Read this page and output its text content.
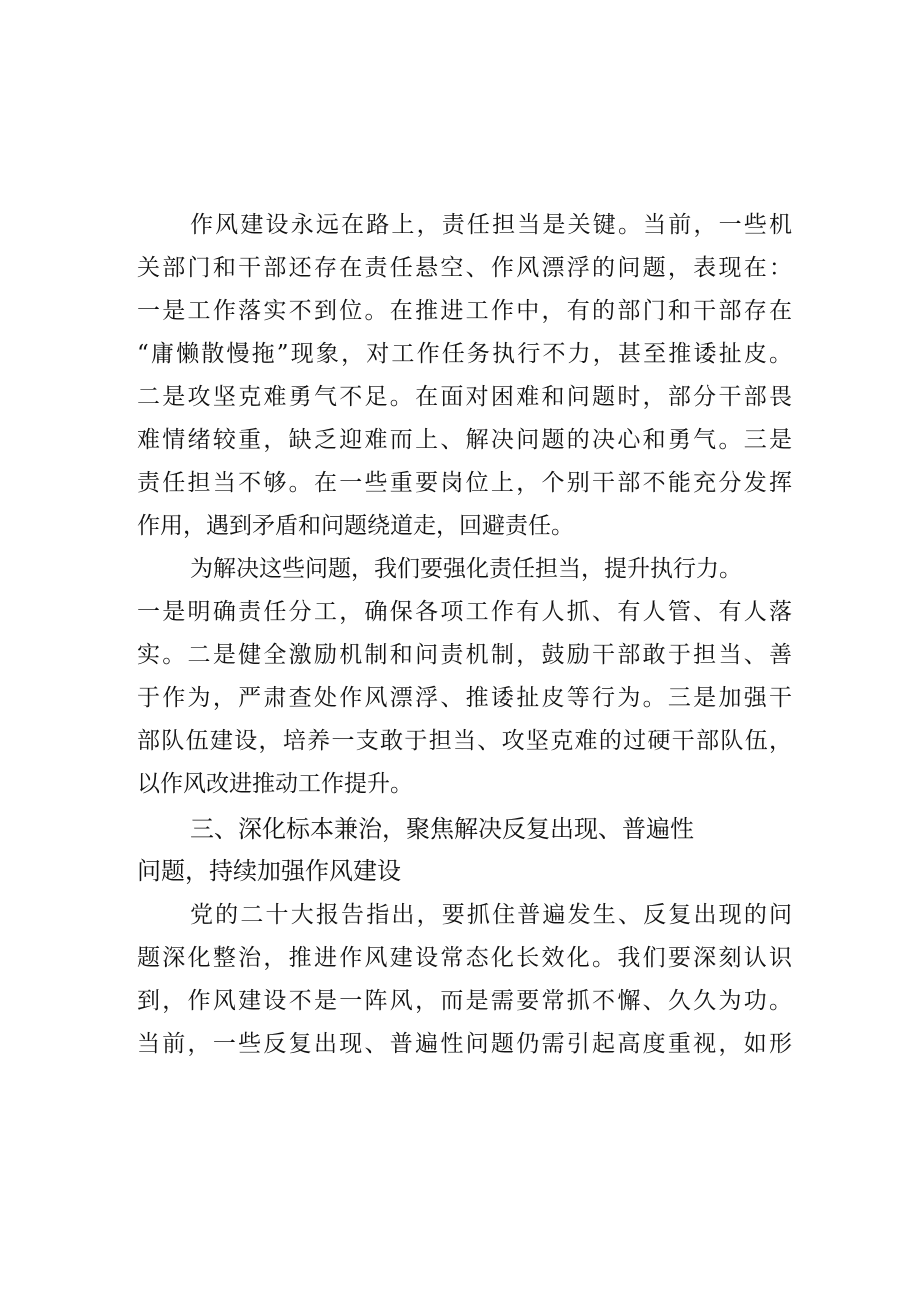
作风建设永远在路上，责任担当是关键。当前，一些机
关部门和干部还存在责任悬空、作风漂浮的问题，表现在：
一是工作落实不到位。在推进工作中，有的部门和干部存在
“庸懒散慢拖”现象，对工作任务执行不力，甚至推诿扯皮。
二是攻坚克难勇气不足。在面对困难和问题时，部分干部畏
难情绪较重，缺乏迎难而上、解决问题的决心和勇气。三是
责任担当不够。在一些重要岗位上，个别干部不能充分发挥
作用，遇到矛盾和问题绕道走，回避责任。
为解决这些问题，我们要强化责任担当，提升执行力。
一是明确责任分工，确保各项工作有人抓、有人管、有人落
实。二是健全激励机制和问责机制，鼓励干部敢于担当、善
于作为，严肃查处作风漂浮、推诿扯皮等行为。三是加强干
部队伍建设，培养一支敢于担当、攻坚克难的过硬干部队伍，
以作风改进推动工作提升。
三、深化标本兼治，聚焦解决反复出现、普遍性
问题，持续加强作风建设
党的二十大报告指出，要抓住普遍发生、反复出现的问
题深化整治，推进作风建设常态化长效化。我们要深刻认识
到，作风建设不是一阵风，而是需要常抓不懈、久久为功。
当前，一些反复出现、普遍性问题仍需引起高度重视，如形
